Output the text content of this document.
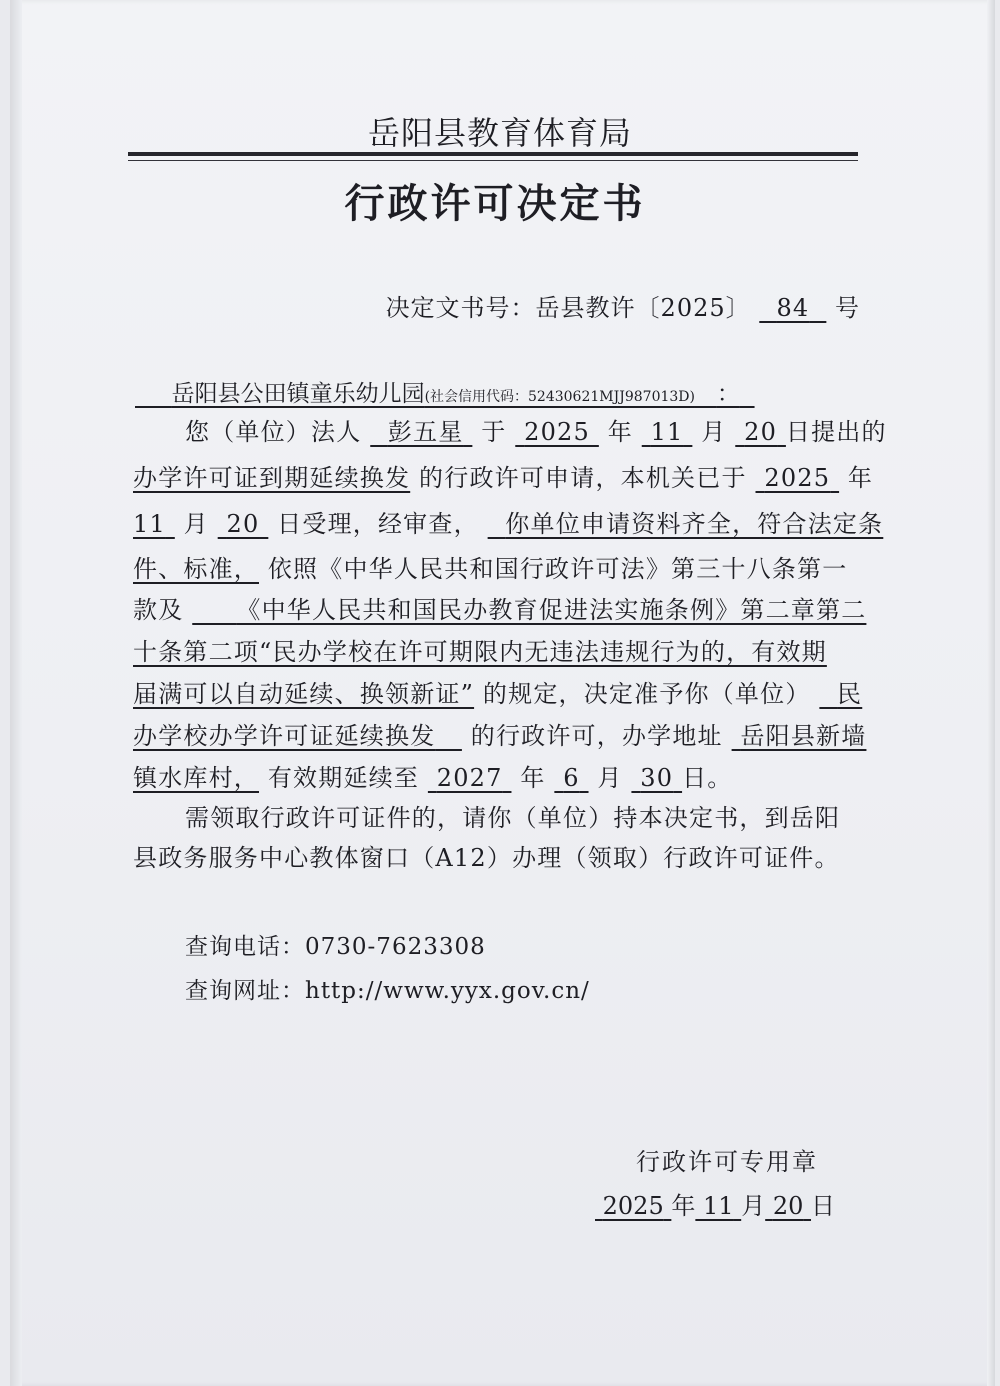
岳阳县教育体育局
行政许可决定书
决定文书号：岳县教许〔2025〕 84 号
岳阳县公田镇童乐幼儿园(社会信用代码：52430621MJJ987013D) ：
您（单位）法人 彭五星 于 2025 年 11 月 20 日提出的
办学许可证到期延续换发 的行政许可申请，本机关已于 2025 年
11 月 20 日受理，经审查， 你单位申请资料齐全，符合法定条
件、标准， 依照《中华人民共和国行政许可法》第三十八条第一
款及 《中华人民共和国民办教育促进法实施条例》第二章第二
十条第二项“民办学校在许可期限内无违法违规行为的，有效期
届满可以自动延续、换领新证” 的规定，决定准予你（单位） 民
办学校办学许可证延续换发 的行政许可，办学地址 岳阳县新墙
镇水库村， 有效期延续至 2027 年 6 月 30 日。
需领取行政许可证件的，请你（单位）持本决定书，到岳阳
县政务服务中心教体窗口（A12）办理（领取）行政许可证件。
查询电话：0730-7623308
查询网址：http://www.yyx.gov.cn/
行政许可专用章
2025 年 11 月 20 日
